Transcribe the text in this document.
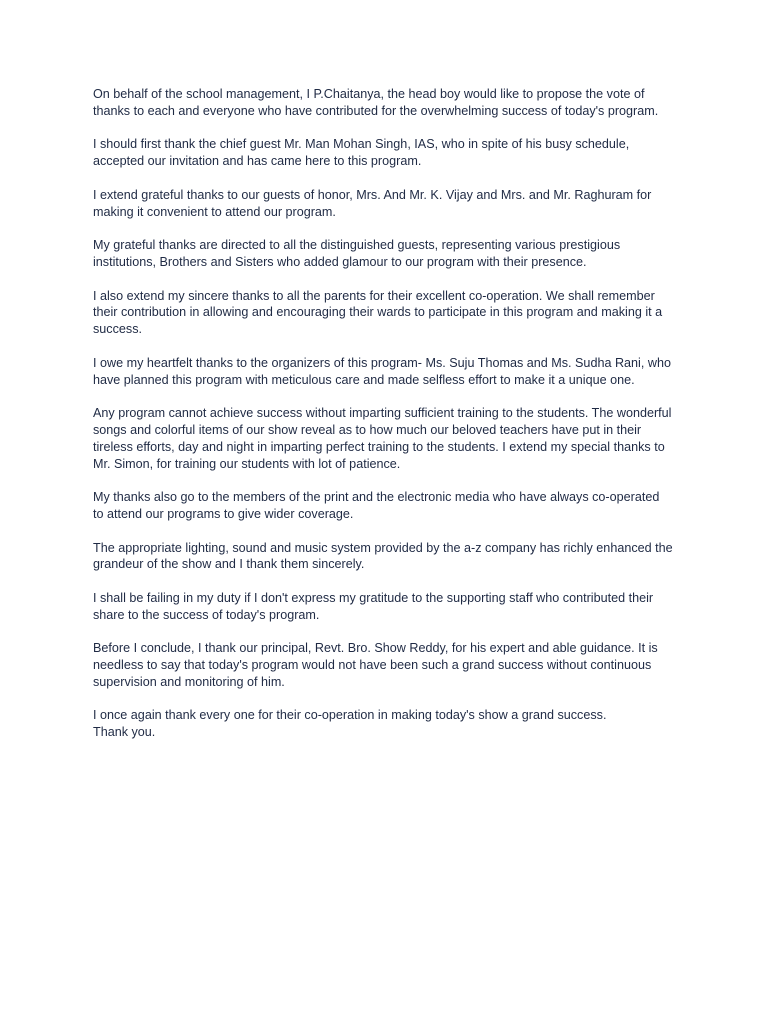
On behalf of the school management, I P.Chaitanya, the head boy would like to propose the vote of thanks to each and everyone who have contributed for the overwhelming success of today's program.

I should first thank the chief guest Mr. Man Mohan Singh, IAS, who in spite of his busy schedule, accepted our invitation and has came here to this program.

I extend grateful thanks to our guests of honor, Mrs. And Mr. K. Vijay and Mrs. and Mr. Raghuram for making it convenient to attend our program.

My grateful thanks are directed to all the distinguished guests, representing various prestigious institutions, Brothers and Sisters who added glamour to our program with their presence.

I also extend my sincere thanks to all the parents for their excellent co-operation. We shall remember their contribution in allowing and encouraging their wards to participate in this program and making it a success.

I owe my heartfelt thanks to the organizers of this program- Ms. Suju Thomas and Ms. Sudha Rani, who have planned this program with meticulous care and made selfless effort to make it a unique one.

Any program cannot achieve success without imparting sufficient training to the students. The wonderful songs and colorful items of our show reveal as to how much our beloved teachers have put in their tireless efforts, day and night in imparting perfect training to the students. I extend my special thanks to Mr. Simon, for training our students with lot of patience.

My thanks also go to the members of the print and the electronic media who have always co-operated to attend our programs to give wider coverage.

The appropriate lighting, sound and music system provided by the a-z company has richly enhanced the grandeur of the show and I thank them sincerely.

I shall be failing in my duty if I don't express my gratitude to the supporting staff who contributed their share to the success of today's program.

Before I conclude, I thank our principal, Revt. Bro. Show Reddy, for his expert and able guidance. It is needless to say that today's program would not have been such a grand success without continuous supervision and monitoring of him.

I once again thank every one for their co-operation in making today's show a grand success.

Thank you.
